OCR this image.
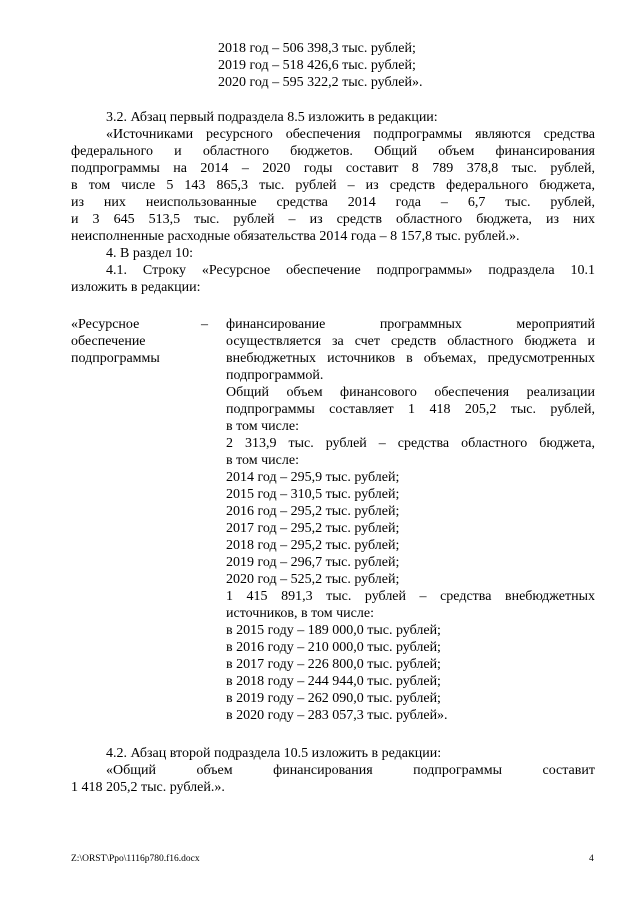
2018 год – 506 398,3 тыс. рублей;
2019 год – 518 426,6 тыс. рублей;
2020 год – 595 322,2 тыс. рублей».
3.2. Абзац первый подраздела 8.5 изложить в редакции:
«Источниками ресурсного обеспечения подпрограммы являются средства
федерального и областного бюджетов. Общий объем финансирования
подпрограммы на 2014 – 2020 годы составит 8 789 378,8 тыс. рублей,
в том числе 5 143 865,3 тыс. рублей – из средств федерального бюджета,
из них неиспользованные средства 2014 года – 6,7 тыс. рублей,
и 3 645 513,5 тыс. рублей – из средств областного бюджета, из них
неисполненные расходные обязательства 2014 года – 8 157,8 тыс. рублей.».
4. В раздел 10:
4.1. Строку «Ресурсное обеспечение подпрограммы» подраздела 10.1
изложить в редакции:
«Ресурсное –
обеспечение
подпрограммы
финансирование программных мероприятий
осуществляется за счет средств областного бюджета и
внебюджетных источников в объемах, предусмотренных
подпрограммой.
Общий объем финансового обеспечения реализации
подпрограммы составляет 1 418 205,2 тыс. рублей,
в том числе:
2 313,9 тыс. рублей – средства областного бюджета,
в том числе:
2014 год – 295,9 тыс. рублей;
2015 год – 310,5 тыс. рублей;
2016 год – 295,2 тыс. рублей;
2017 год – 295,2 тыс. рублей;
2018 год – 295,2 тыс. рублей;
2019 год – 296,7 тыс. рублей;
2020 год – 525,2 тыс. рублей;
1 415 891,3 тыс. рублей – средства внебюджетных
источников, в том числе:
в 2015 году – 189 000,0 тыс. рублей;
в 2016 году – 210 000,0 тыс. рублей;
в 2017 году – 226 800,0 тыс. рублей;
в 2018 году – 244 944,0 тыс. рублей;
в 2019 году – 262 090,0 тыс. рублей;
в 2020 году – 283 057,3 тыс. рублей».
4.2. Абзац второй подраздела 10.5 изложить в редакции:
«Общий объем финансирования подпрограммы составит
1 418 205,2 тыс. рублей.».
Z:\ORST\Ppo\1116p780.f16.docx	4
